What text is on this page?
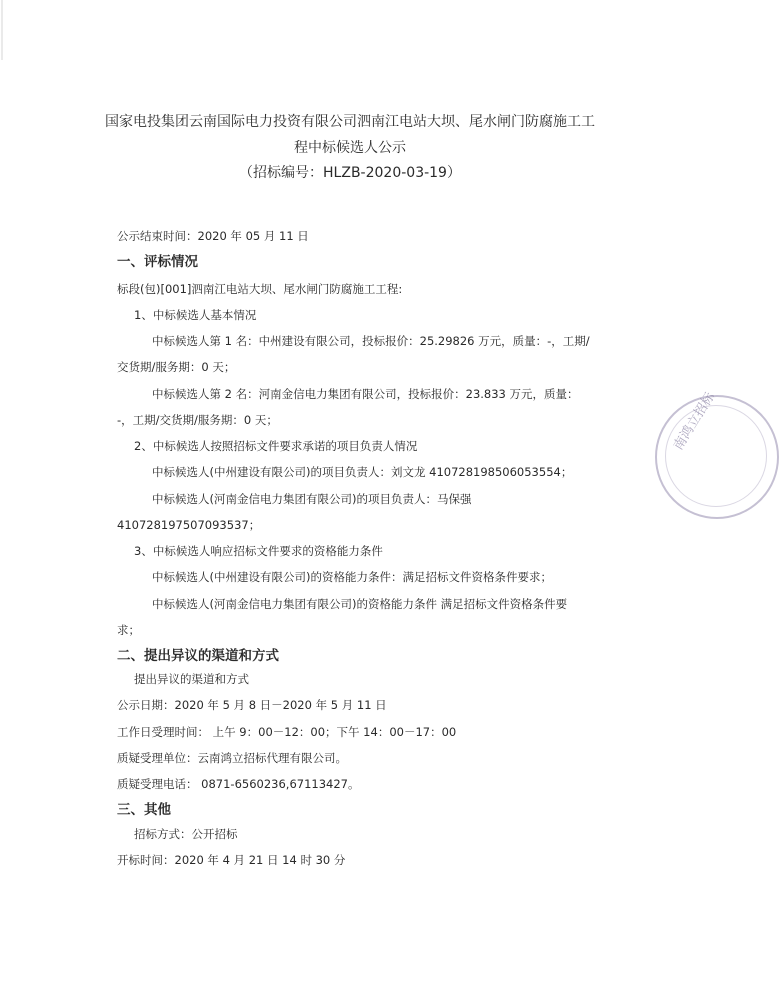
国家电投集团云南国际电力投资有限公司泗南江电站大坝、尾水闸门防腐施工工
程中标候选人公示
（招标编号：HLZB-2020-03-19）
公示结束时间：2020 年 05 月 11 日
一、评标情况
标段(包)[001]泗南江电站大坝、尾水闸门防腐施工工程:
1、中标候选人基本情况
中标候选人第 1 名：中州建设有限公司，投标报价：25.29826 万元，质量：-，工期/
交货期/服务期：0 天；
中标候选人第 2 名：河南金信电力集团有限公司，投标报价：23.833 万元，质量：
-，工期/交货期/服务期：0 天；
2、中标候选人按照招标文件要求承诺的项目负责人情况
中标候选人(中州建设有限公司)的项目负责人：刘文龙 410728198506053554；
中标候选人(河南金信电力集团有限公司)的项目负责人：马保强
410728197507093537；
3、中标候选人响应招标文件要求的资格能力条件
中标候选人(中州建设有限公司)的资格能力条件：满足招标文件资格条件要求；
中标候选人(河南金信电力集团有限公司)的资格能力条件 满足招标文件资格条件要
求；
二、提出异议的渠道和方式
提出异议的渠道和方式
公示日期：2020 年 5 月 8 日－2020 年 5 月 11 日
工作日受理时间： 上午 9：00－12：00；下午 14：00－17：00
质疑受理单位：云南鸿立招标代理有限公司。
质疑受理电话： 0871-6560236,67113427。
三、其他
招标方式：公开招标
开标时间：2020 年 4 月 21 日 14 时 30 分
南鸿立招标
